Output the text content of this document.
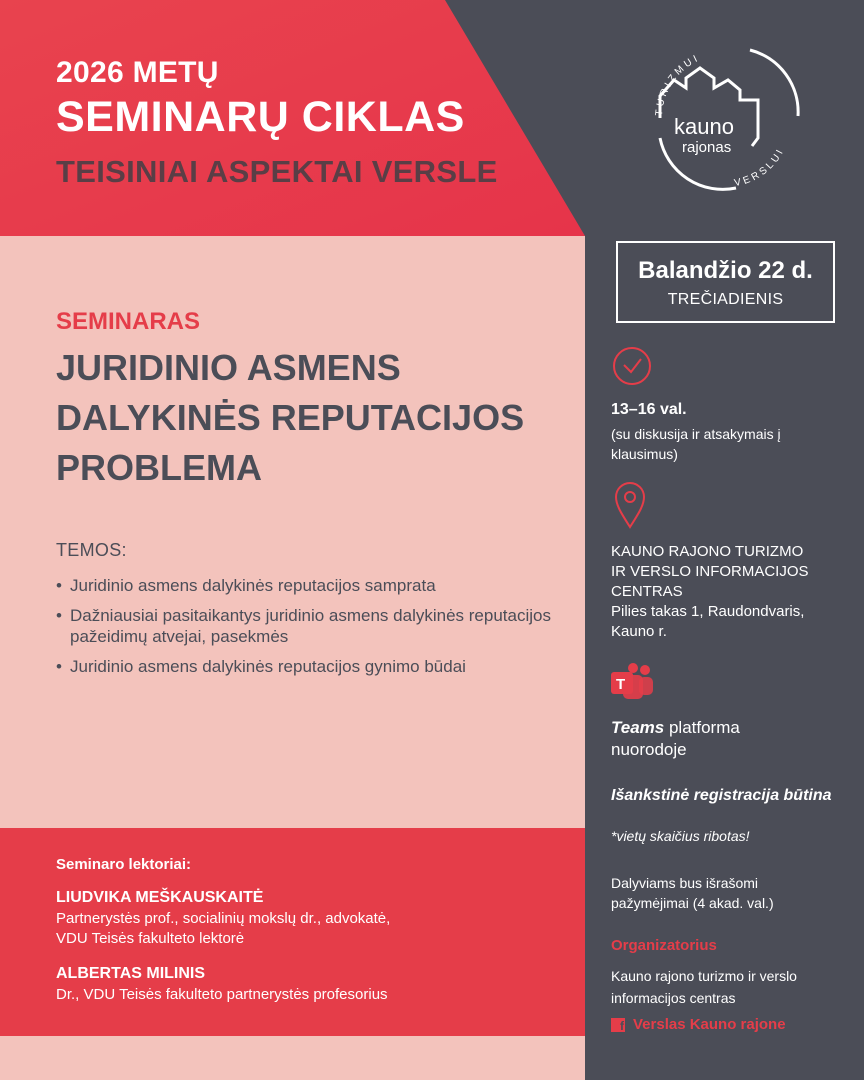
2026 METŲ
SEMINARŲ CIKLAS
TEISINIAI ASPEKTAI VERSLE
TURIZMUI
VERSLUI
kauno
rajonas
SEMINARAS
JURIDINIO ASMENS
DALYKINĖS REPUTACIJOS
PROBLEMA
TEMOS:
• Juridinio asmens dalykinės reputacijos samprata
• Dažniausiai pasitaikantys juridinio asmens dalykinės reputacijos pažeidimų atvejai, pasekmės
• Juridinio asmens dalykinės reputacijos gynimo būdai
Seminaro lektoriai:
LIUDVIKA MEŠKAUSKAITĖ
Partnerystės prof., socialinių mokslų dr., advokatė,
VDU Teisės fakulteto lektorė
ALBERTAS MILINIS
Dr., VDU Teisės fakulteto partnerystės profesorius
Balandžio 22 d.
TREČIADIENIS
13–16 val.
(su diskusija ir atsakymais į klausimus)
KAUNO RAJONO TURIZMO
IR VERSLO INFORMACIJOS
CENTRAS
Pilies takas 1, Raudondvaris,
Kauno r.
T
Teams platforma
nuorodoje
Išankstinė registracija būtina
*vietų skaičius ribotas!
Dalyviams bus išrašomi pažymėjimai (4 akad. val.)
Organizatorius
Kauno rajono turizmo ir verslo informacijos centras
f Verslas Kauno rajone
